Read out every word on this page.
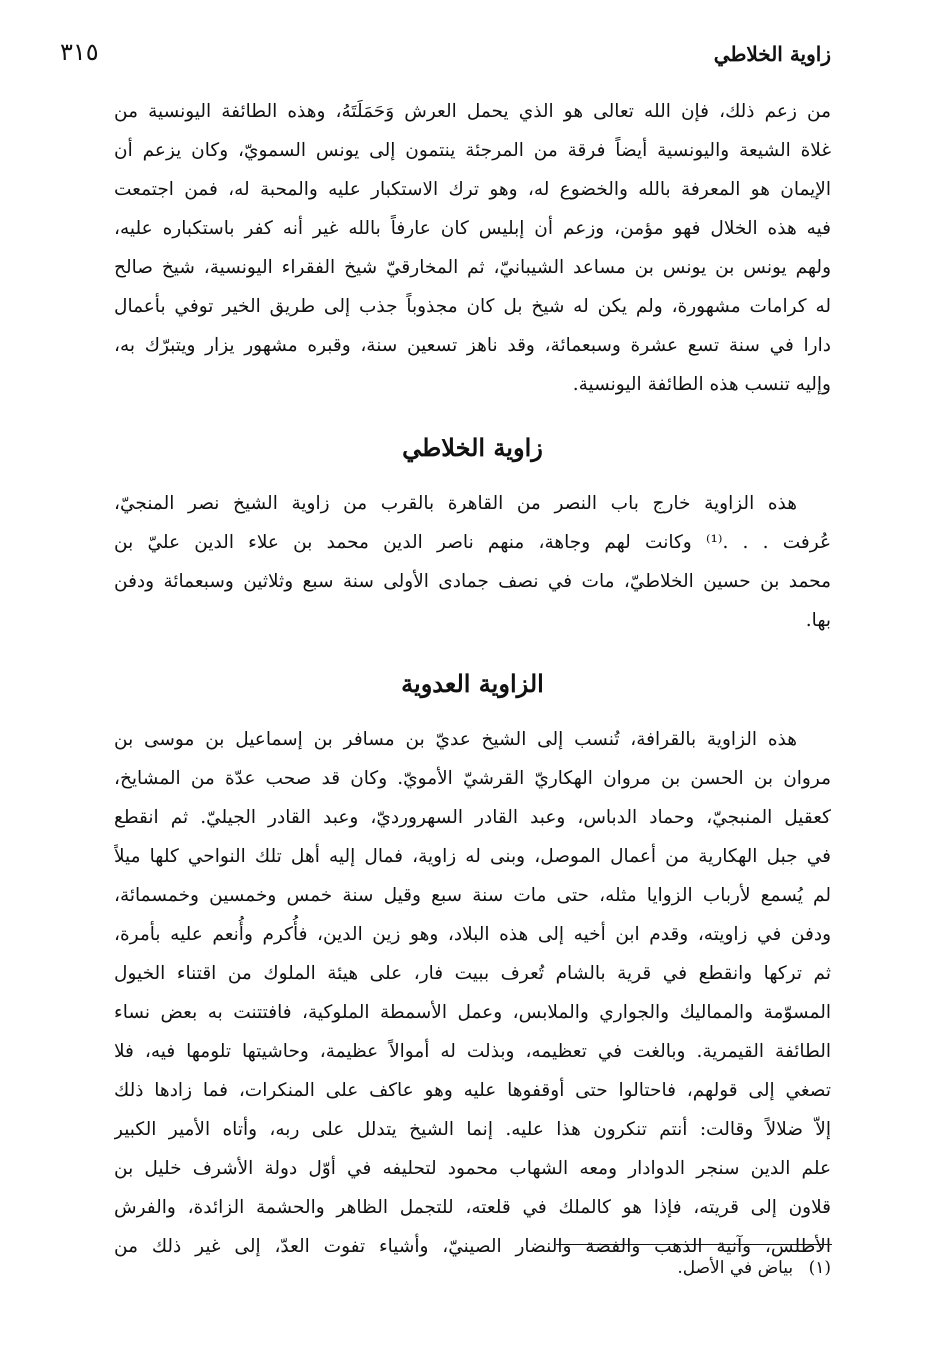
زاوية الخلاطي
٣١٥
من زعم ذلك، فإن الله تعالى هو الذي يحمل العرش وَحَمَلَتَهُ، وهذه الطائفة اليونسية من
غلاة الشيعة واليونسية أيضاً فرقة من المرجئة ينتمون إلى يونس السمويّ، وكان يزعم أن
الإيمان هو المعرفة بالله والخضوع له، وهو ترك الاستكبار عليه والمحبة له، فمن اجتمعت
فيه هذه الخلال فهو مؤمن، وزعم أن إبليس كان عارفاً بالله غير أنه كفر باستكباره عليه،
ولهم يونس بن يونس بن مساعد الشيبانيّ، ثم المخارقيّ شيخ الفقراء اليونسية، شيخ صالح
له كرامات مشهورة، ولم يكن له شيخ بل كان مجذوباً جذب إلى طريق الخير توفي بأعمال
دارا في سنة تسع عشرة وسبعمائة، وقد ناهز تسعين سنة، وقبره مشهور يزار ويتبرّك به،
وإليه تنسب هذه الطائفة اليونسية.
زاوية الخلاطي
هذه الزاوية خارج باب النصر من القاهرة بالقرب من زاوية الشيخ نصر المنجيّ،
عُرفت . . .⁽¹⁾ وكانت لهم وجاهة، منهم ناصر الدين محمد بن علاء الدين عليّ بن
محمد بن حسين الخلاطيّ، مات في نصف جمادى الأولى سنة سبع وثلاثين وسبعمائة ودفن
بها.
الزاوية العدوية
هذه الزاوية بالقرافة، تُنسب إلى الشيخ عديّ بن مسافر بن إسماعيل بن موسى بن
مروان بن الحسن بن مروان الهكاريّ القرشيّ الأمويّ. وكان قد صحب عدّة من المشايخ،
كعقيل المنبجيّ، وحماد الدباس، وعبد القادر السهرورديّ، وعبد القادر الجيليّ. ثم انقطع
في جبل الهكارية من أعمال الموصل، وبنى له زاوية، فمال إليه أهل تلك النواحي كلها ميلاً
لم يُسمع لأرباب الزوايا مثله، حتى مات سنة سبع وقيل سنة خمس وخمسين وخمسمائة،
ودفن في زاويته، وقدم ابن أخيه إلى هذه البلاد، وهو زين الدين، فأُكرم وأُنعم عليه بأمرة،
ثم تركها وانقطع في قرية بالشام تُعرف ببيت فار، على هيئة الملوك من اقتناء الخيول
المسوّمة والمماليك والجواري والملابس، وعمل الأسمطة الملوكية، فافتتنت به بعض نساء
الطائفة القيمرية. وبالغت في تعظيمه، وبذلت له أموالاً عظيمة، وحاشيتها تلومها فيه، فلا
تصغي إلى قولهم، فاحتالوا حتى أوقفوها عليه وهو عاكف على المنكرات، فما زادها ذلك
إلاّ ضلالاً وقالت: أنتم تنكرون هذا عليه. إنما الشيخ يتدلل على ربه، وأتاه الأمير الكبير
علم الدين سنجر الدوادار ومعه الشهاب محمود لتحليفه في أوّل دولة الأشرف خليل بن
قلاون إلى قريته، فإذا هو كالملك في قلعته، للتجمل الظاهر والحشمة الزائدة، والفرش
الأطلس، وآنية الذهب والفضة والنضار الصينيّ، وأشياء تفوت العدّ، إلى غير ذلك من
(١) بياض في الأصل.
